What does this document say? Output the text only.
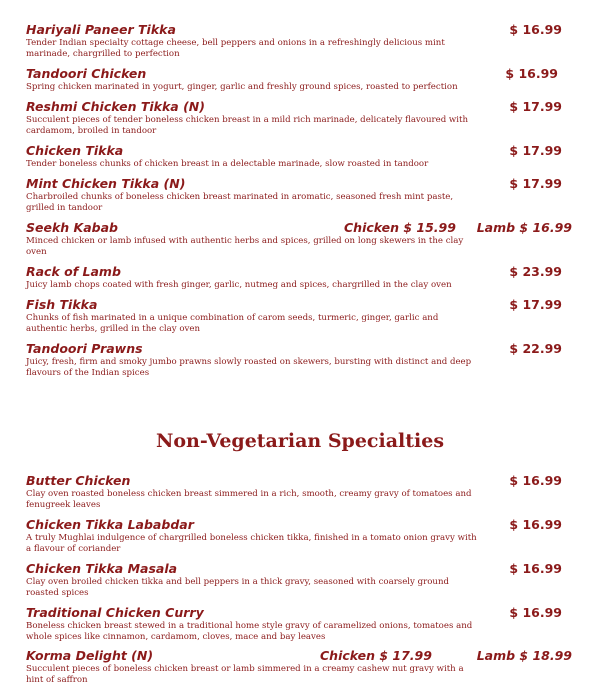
Hariyali Paneer Tikka
Tender Indian specialty cottage cheese, bell peppers and onions in a refreshingly delicious mint marinade, chargrilled to perfection
$ 16.99
Tandoori Chicken
Spring chicken marinated in yogurt, ginger, garlic and freshly ground spices, roasted to perfection
$ 16.99
Reshmi Chicken Tikka (N)
Succulent pieces of tender boneless chicken breast in a mild rich marinade, delicately flavoured with cardamom, broiled in tandoor
$ 17.99
Chicken Tikka
Tender boneless chunks of chicken breast in a delectable marinade, slow roasted in tandoor
$ 17.99
Mint Chicken Tikka (N)
Charbroiled chunks of boneless chicken breast marinated in aromatic, seasoned fresh mint paste, grilled in tandoor
$ 17.99
Seekh Kabab
Minced chicken or lamb infused with authentic herbs and spices, grilled on long skewers in the clay oven
Chicken $ 15.99 Lamb $ 16.99
Rack of Lamb
Juicy lamb chops coated with fresh ginger, garlic, nutmeg and spices, chargrilled in the clay oven
$ 23.99
Fish Tikka
Chunks of fish marinated in a unique combination of carom seeds, turmeric, ginger, garlic and authentic herbs, grilled in the clay oven
$ 17.99
Tandoori Prawns
Juicy, fresh, firm and smoky jumbo prawns slowly roasted on skewers, bursting with distinct and deep flavours of the Indian spices
$ 22.99
Non-Vegetarian Specialties
Butter Chicken
Clay oven roasted boneless chicken breast simmered in a rich, smooth, creamy gravy of tomatoes and fenugreek leaves
$ 16.99
Chicken Tikka Lababdar
A truly Mughlai indulgence of chargrilled boneless chicken tikka, finished in a tomato onion gravy with a flavour of coriander
$ 16.99
Chicken Tikka Masala
Clay oven broiled chicken tikka and bell peppers in a thick gravy, seasoned with coarsely ground roasted spices
$ 16.99
Traditional Chicken Curry
Boneless chicken breast stewed in a traditional home style gravy of caramelized onions, tomatoes and whole spices like cinnamon, cardamom, cloves, mace and bay leaves
$ 16.99
Korma Delight (N)
Succulent pieces of boneless chicken breast or lamb simmered in a creamy cashew nut gravy with a hint of saffron
Chicken $ 17.99	Lamb $ 18.99
